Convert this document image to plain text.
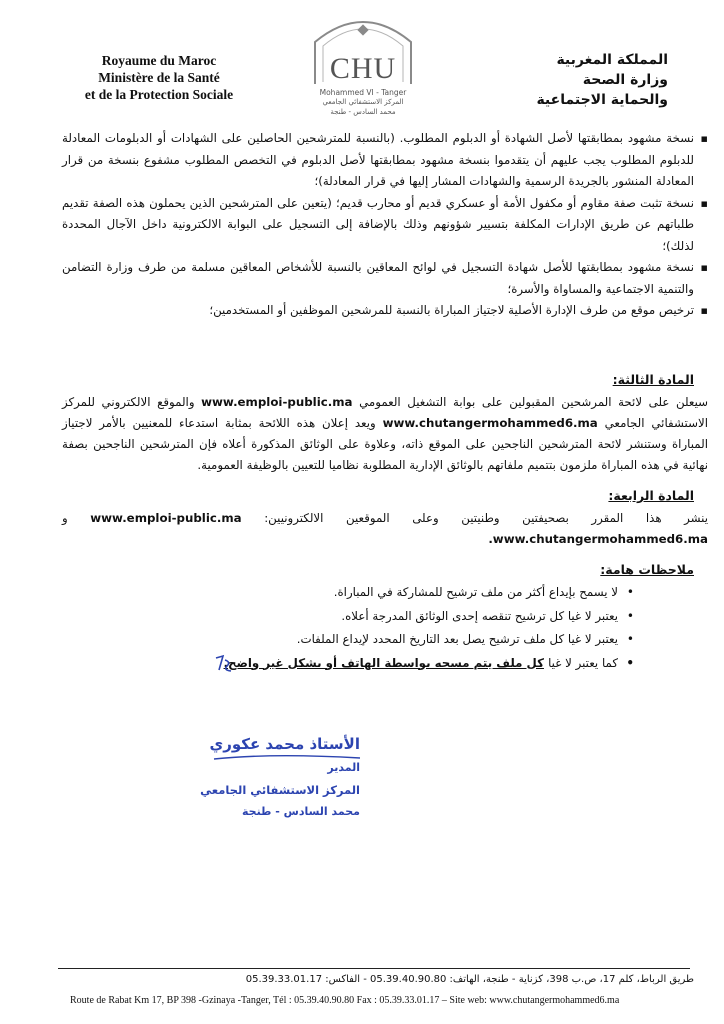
Royaume du Maroc
Ministère de la Santé
et de la Protection Sociale
CHU
Mohammed VI - Tanger
المركز الاستشفائي الجامعي
محمد السادس - طنجة
المملكة المغربية
وزارة الصحة
والحماية الاجتماعية
▪ نسخة مشهود بمطابقتها لأصل الشهادة أو الدبلوم المطلوب. (بالنسبة للمترشحين الحاصلين على الشهادات أو الدبلومات المعادلة للدبلوم المطلوب يجب عليهم أن يتقدموا بنسخة مشهود بمطابقتها لأصل الدبلوم في التخصص المطلوب مشفوع بنسخة من قرار المعادلة المنشور بالجريدة الرسمية والشهادات المشار إليها في قرار المعادلة)؛
▪ نسخة تثبت صفة مقاوم أو مكفول الأمة أو عسكري قديم أو محارب قديم؛ (يتعين على المترشحين الذين يحملون هذه الصفة تقديم طلباتهم عن طريق الإدارات المكلفة بتسيير شؤونهم وذلك بالإضافة إلى التسجيل على البوابة الالكترونية داخل الآجال المحددة لذلك)؛
▪ نسخة مشهود بمطابقتها للأصل شهادة التسجيل في لوائح المعاقين بالنسبة للأشخاص المعاقين مسلمة من طرف وزارة التضامن والتنمية الاجتماعية والمساواة والأسرة؛
▪ ترخيص موقع من طرف الإدارة الأصلية لاجتياز المباراة بالنسبة للمرشحين الموظفين أو المستخدمين؛
المادة الثالثة:
سيعلن على لائحة المرشحين المقبولين على بوابة التشغيل العمومي www.emploi-public.ma والموقع الالكتروني للمركز الاستشفائي الجامعي www.chutangermohammed6.ma ويعد إعلان هذه اللائحة بمثابة استدعاء للمعنيين بالأمر لاجتياز المباراة وستنشر لائحة المترشحين الناجحين على الموقع ذاته، وعلاوة على الوثائق المذكورة أعلاه فإن المترشحين الناجحين بصفة نهائية في هذه المباراة ملزمون بتتميم ملفاتهم بالوثائق الإدارية المطلوبة نظاميا للتعيين بالوظيفة العمومية.
المادة الرابعة:
ينشر هذا المقرر بصحيفتين وطنيتين وعلى الموقعين الالكترونيين: www.emploi-public.ma و .www.chutangermohammed6.ma
ملاحظات هامة:
• لا يسمح بإيداع أكثر من ملف ترشيح للمشاركة في المباراة.
• يعتبر لا غيا كل ترشيح تنقصه إحدى الوثائق المدرجة أعلاه.
• يعتبر لا غيا كل ملف ترشيح يصل بعد التاريخ المحدد لإيداع الملفات.
• كما يعتبر لا غيا كل ملف يتم مسحه بواسطة الهاتف أو بشكل غير واضح.
الأستاذ محمد عكوري
المدير
المركز الاستشفائي الجامعي
محمد السادس - طنجة
طريق الرباط، كلم 17، ص.ب 398، كزناية - طنجة، الهاتف: 05.39.40.90.80 - الفاكس: 05.39.33.01.17
Route de Rabat Km 17, BP 398 -Gzinaya -Tanger, Tél : 05.39.40.90.80 Fax : 05.39.33.01.17 – Site web: www.chutangermohammed6.ma
